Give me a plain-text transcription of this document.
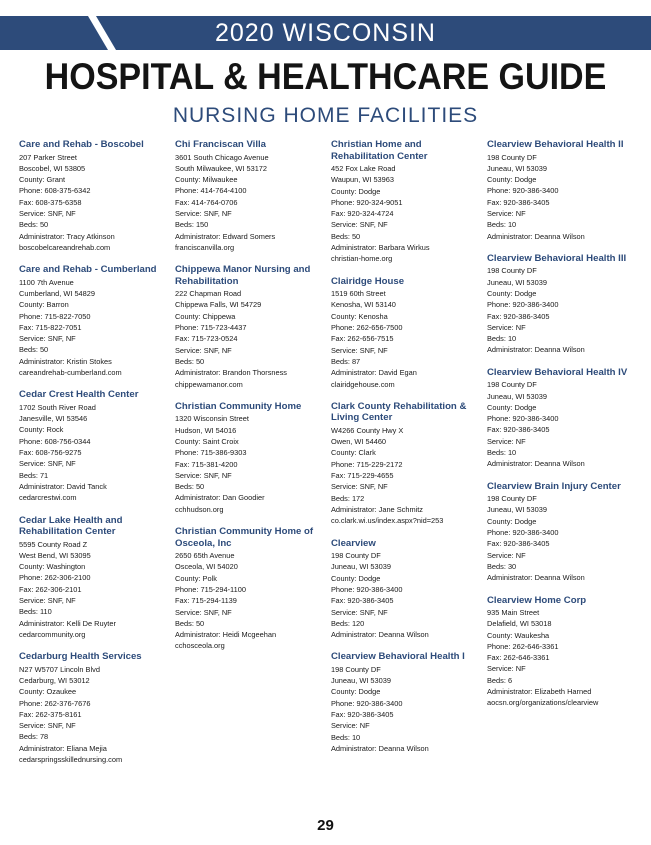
2020 WISCONSIN
HOSPITAL & HEALTHCARE GUIDE
NURSING HOME FACILITIES
Care and Rehab - Boscobel
207 Parker Street
Boscobel, WI 53805
County: Grant
Phone: 608-375-6342
Fax: 608-375-6358
Service: SNF, NF
Beds: 50
Administrator: Tracy Atkinson
boscobelcareandrehab.com
Care and Rehab - Cumberland
1100 7th Avenue
Cumberland, WI 54829
County: Barron
Phone: 715-822-7050
Fax: 715-822-7051
Service: SNF, NF
Beds: 50
Administrator: Kristin Stokes
careandrehab-cumberland.com
Cedar Crest Health Center
1702 South River Road
Janesville, WI 53546
County: Rock
Phone: 608-756-0344
Fax: 608-756-9275
Service: SNF, NF
Beds: 71
Administrator: David Tanck
cedarcrestwi.com
Cedar Lake Health and Rehabilitation Center
5595 County Road Z
West Bend, WI 53095
County: Washington
Phone: 262-306-2100
Fax: 262-306-2101
Service: SNF, NF
Beds: 110
Administrator: Kelli De Ruyter
cedarcommunity.org
Cedarburg Health Services
N27 W5707 Lincoln Blvd
Cedarburg, WI 53012
County: Ozaukee
Phone: 262-376-7676
Fax: 262-375-8161
Service: SNF, NF
Beds: 78
Administrator: Eliana Mejia
cedarspringsskillednursing.com
Chi Franciscan Villa
3601 South Chicago Avenue
South Milwaukee, WI 53172
County: Milwaukee
Phone: 414-764-4100
Fax: 414-764-0706
Service: SNF, NF
Beds: 150
Administrator: Edward Somers
franciscanvilla.org
Chippewa Manor Nursing and Rehabilitation
222 Chapman Road
Chippewa Falls, WI 54729
County: Chippewa
Phone: 715-723-4437
Fax: 715-723-0524
Service: SNF, NF
Beds: 50
Administrator: Brandon Thorsness
chippewamanor.com
Christian Community Home
1320 Wisconsin Street
Hudson, WI 54016
County: Saint Croix
Phone: 715-386-9303
Fax: 715-381-4200
Service: SNF, NF
Beds: 50
Administrator: Dan Goodier
cchhudson.org
Christian Community Home of Osceola, Inc
2650 65th Avenue
Osceola, WI 54020
County: Polk
Phone: 715-294-1100
Fax: 715-294-1139
Service: SNF, NF
Beds: 50
Administrator: Heidi Mcgeehan
cchosceola.org
Christian Home and Rehabilitation Center
452 Fox Lake Road
Waupun, WI 53963
County: Dodge
Phone: 920-324-9051
Fax: 920-324-4724
Service: SNF, NF
Beds: 50
Administrator: Barbara Wirkus
christian-home.org
Clairidge House
1519 60th Street
Kenosha, WI 53140
County: Kenosha
Phone: 262-656-7500
Fax: 262-656-7515
Service: SNF, NF
Beds: 87
Administrator: David Egan
clairidgehouse.com
Clark County Rehabilitation & Living Center
W4266 County Hwy X
Owen, WI 54460
County: Clark
Phone: 715-229-2172
Fax: 715-229-4655
Service: SNF, NF
Beds: 172
Administrator: Jane Schmitz
co.clark.wi.us/index.aspx?nid=253
Clearview
198 County DF
Juneau, WI 53039
County: Dodge
Phone: 920-386-3400
Fax: 920-386-3405
Service: SNF, NF
Beds: 120
Administrator: Deanna Wilson
Clearview Behavioral Health I
198 County DF
Juneau, WI 53039
County: Dodge
Phone: 920-386-3400
Fax: 920-386-3405
Service: NF
Beds: 10
Administrator: Deanna Wilson
Clearview Behavioral Health II
198 County DF
Juneau, WI 53039
County: Dodge
Phone: 920-386-3400
Fax: 920-386-3405
Service: NF
Beds: 10
Administrator: Deanna Wilson
Clearview Behavioral Health III
198 County DF
Juneau, WI 53039
County: Dodge
Phone: 920-386-3400
Fax: 920-386-3405
Service: NF
Beds: 10
Administrator: Deanna Wilson
Clearview Behavioral Health IV
198 County DF
Juneau, WI 53039
County: Dodge
Phone: 920-386-3400
Fax: 920-386-3405
Service: NF
Beds: 10
Administrator: Deanna Wilson
Clearview Brain Injury Center
198 County DF
Juneau, WI 53039
County: Dodge
Phone: 920-386-3400
Fax: 920-386-3405
Service: NF
Beds: 30
Administrator: Deanna Wilson
Clearview Home Corp
935 Main Street
Delafield, WI 53018
County: Waukesha
Phone: 262-646-3361
Fax: 262-646-3361
Service: NF
Beds: 6
Administrator: Elizabeth Harned
aocsn.org/organizations/clearview
29
